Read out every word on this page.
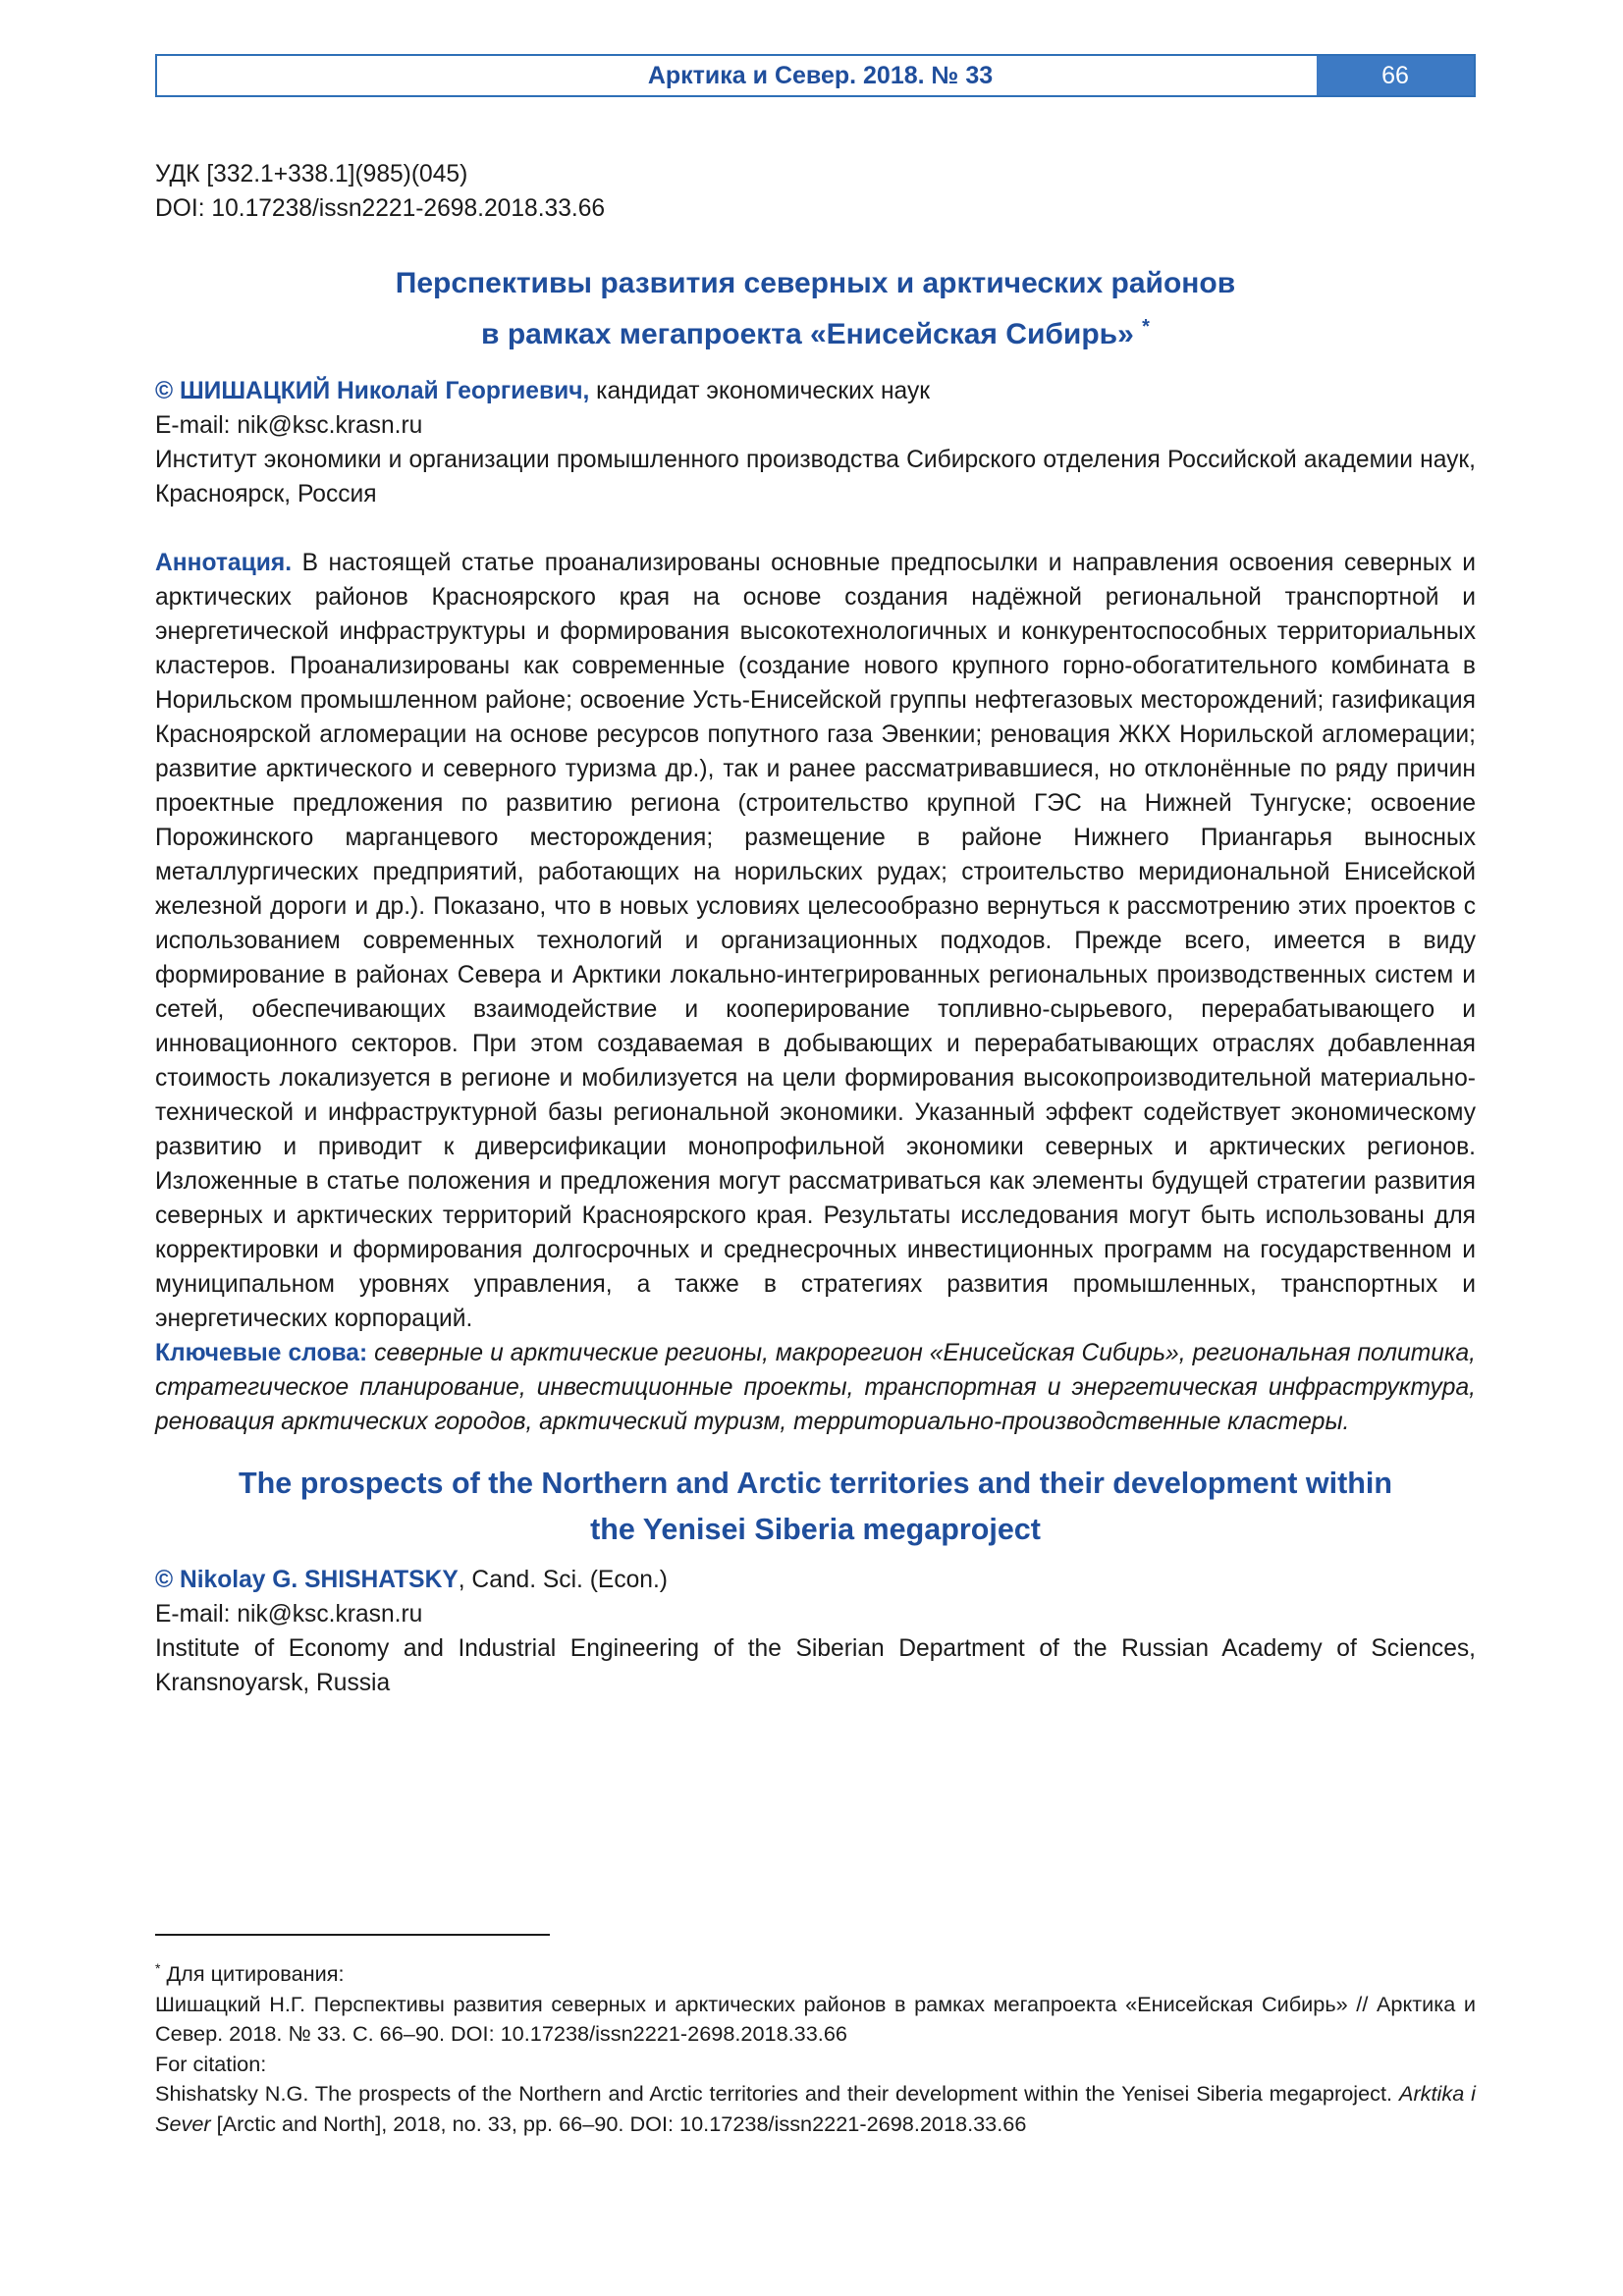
Арктика и Север. 2018. № 33	66

УДК [332.1+338.1](985)(045)

DOI: 10.17238/issn2221-2698.2018.33.66

Перспективы развития северных и арктических районов
в рамках мегапроекта «Енисейская Сибирь» *

© ШИШАЦКИЙ Николай Георгиевич, кандидат экономических наук

E-mail: nik@ksc.krasn.ru

Институт экономики и организации промышленного производства Сибирского отделения Российской академии наук, Красноярск, Россия

Аннотация. В настоящей статье проанализированы основные предпосылки и направления освоения северных и арктических районов Красноярского края на основе создания надёжной региональной транспортной и энергетической инфраструктуры и формирования высокотехнологичных и конкурентоспособных территориальных кластеров. Проанализированы как современные (создание нового крупного горно-обогатительного комбината в Норильском промышленном районе; освоение Усть-Енисейской группы нефтегазовых месторождений; газификация Красноярской агломерации на основе ресурсов попутного газа Эвенкии; реновация ЖКХ Норильской агломерации; развитие арктического и северного туризма др.), так и ранее рассматривавшиеся, но отклонённые по ряду причин проектные предложения по развитию региона (строительство крупной ГЭС на Нижней Тунгуске; освоение Порожинского марганцевого месторождения; размещение в районе Нижнего Приангарья выносных металлургических предприятий, работающих на норильских рудах; строительство меридиональной Енисейской железной дороги и др.). Показано, что в новых условиях целесообразно вернуться к рассмотрению этих проектов с использованием современных технологий и организационных подходов. Прежде всего, имеется в виду формирование в районах Севера и Арктики локально-интегрированных региональных производственных систем и сетей, обеспечивающих взаимодействие и кооперирование топливно-сырьевого, перерабатывающего и инновационного секторов. При этом создаваемая в добывающих и перерабатывающих отраслях добавленная стоимость локализуется в регионе и мобилизуется на цели формирования высокопроизводительной материально-технической и инфраструктурной базы региональной экономики. Указанный эффект содействует экономическому развитию и приводит к диверсификации монопрофильной экономики северных и арктических регионов. Изложенные в статье положения и предложения могут рассматриваться как элементы будущей стратегии развития северных и арктических территорий Красноярского края. Результаты исследования могут быть использованы для корректировки и формирования долгосрочных и среднесрочных инвестиционных программ на государственном и муниципальном уровнях управления, а также в стратегиях развития промышленных, транспортных и энергетических корпораций.

Ключевые слова: северные и арктические регионы, макрорегион «Енисейская Сибирь», региональная политика, стратегическое планирование, инвестиционные проекты, транспортная и энергетическая инфраструктура, реновация арктических городов, арктический туризм, территориально-производственные кластеры.

The prospects of the Northern and Arctic territories and their development within
the Yenisei Siberia megaproject

© Nikolay G. SHISHATSKY, Cand. Sci. (Econ.)

E-mail: nik@ksc.krasn.ru

Institute of Economy and Industrial Engineering of the Siberian Department of the Russian Academy of Sciences, Kransnoyarsk, Russia

* Для цитирования:

Шишацкий Н.Г. Перспективы развития северных и арктических районов в рамках мегапроекта «Енисейская Сибирь» // Арктика и Север. 2018. № 33. С. 66–90. DOI: 10.17238/issn2221-2698.2018.33.66

For citation:

Shishatsky N.G. The prospects of the Northern and Arctic territories and their development within the Yenisei Siberia megaproject. Arktika i Sever [Arctic and North], 2018, no. 33, pp. 66–90. DOI: 10.17238/issn2221-2698.2018.33.66
